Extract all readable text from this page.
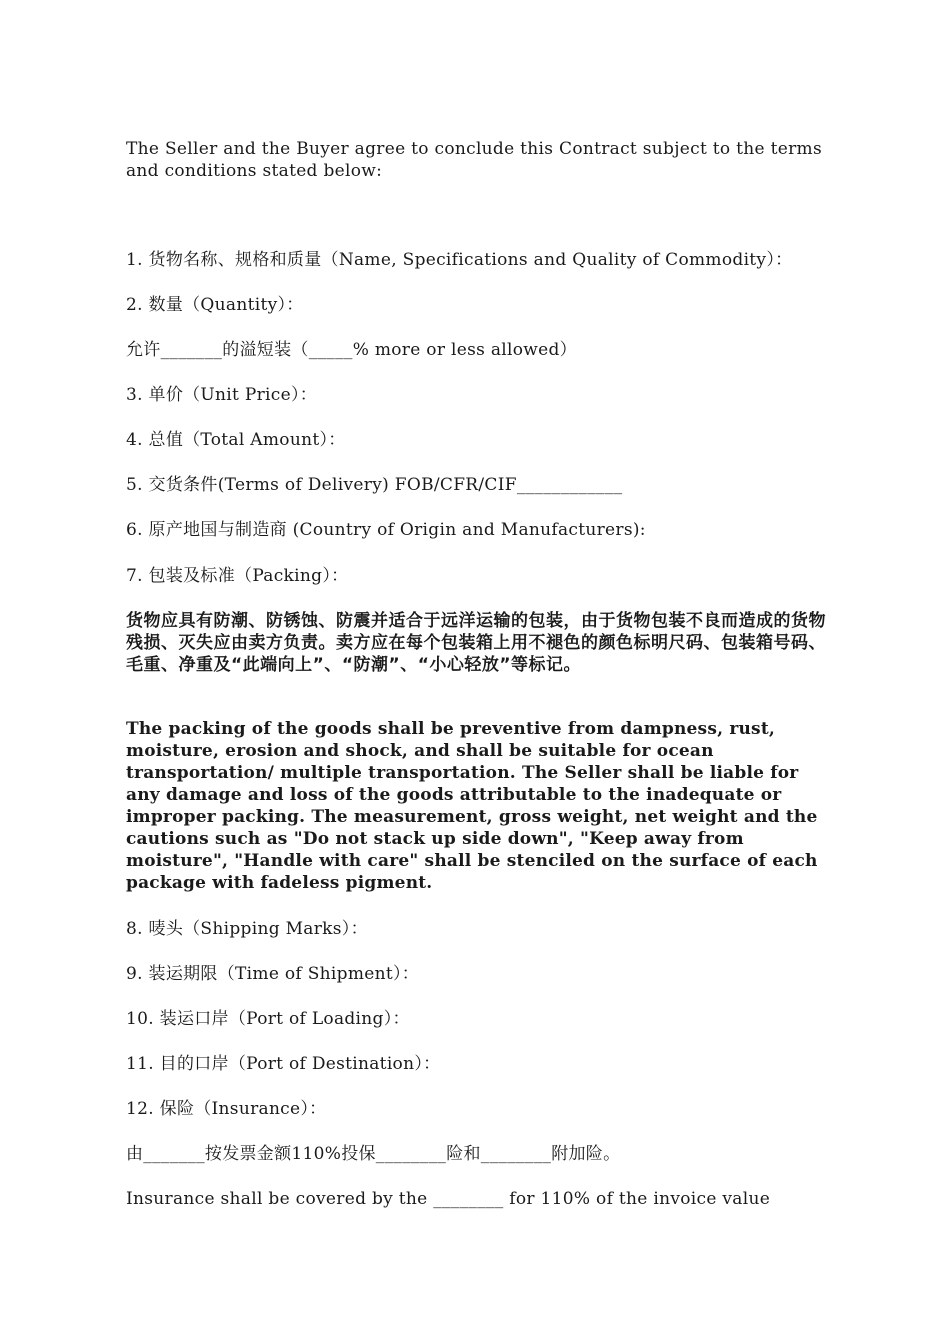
The Seller and the Buyer agree to conclude this Contract subject to the terms and conditions stated below:

1. 货物名称、规格和质量（Name, Specifications and Quality of Commodity）：

2. 数量（Quantity）：

允许_______的溢短装（_____% more or less allowed）

3. 单价（Unit Price）：

4. 总值（Total Amount）：

5. 交货条件(Terms of Delivery) FOB/CFR/CIF____________

6. 原产地国与制造商 (Country of Origin and Manufacturers):

7. 包装及标准（Packing）：

货物应具有防潮、防锈蚀、防震并适合于远洋运输的包装，由于货物包装不良而造成的货物残损、灭失应由卖方负责。卖方应在每个包装箱上用不褪色的颜色标明尺码、包装箱号码、毛重、净重及“此端向上”、“防潮”、“小心轻放”等标记。

The packing of the goods shall be preventive from dampness, rust, moisture, erosion and shock, and shall be suitable for ocean transportation/ multiple transportation. The Seller shall be liable for any damage and loss of the goods attributable to the inadequate or improper packing. The measurement, gross weight, net weight and the cautions such as "Do not stack up side down", "Keep away from moisture", "Handle with care" shall be stenciled on the surface of each package with fadeless pigment.

8. 唛头（Shipping Marks）：

9. 装运期限（Time of Shipment）：

10. 装运口岸（Port of Loading）：

11. 目的口岸（Port of Destination）：

12. 保险（Insurance）：

由_______按发票金额110%投保________险和________附加险。

Insurance shall be covered by the ________ for 110% of the invoice value
